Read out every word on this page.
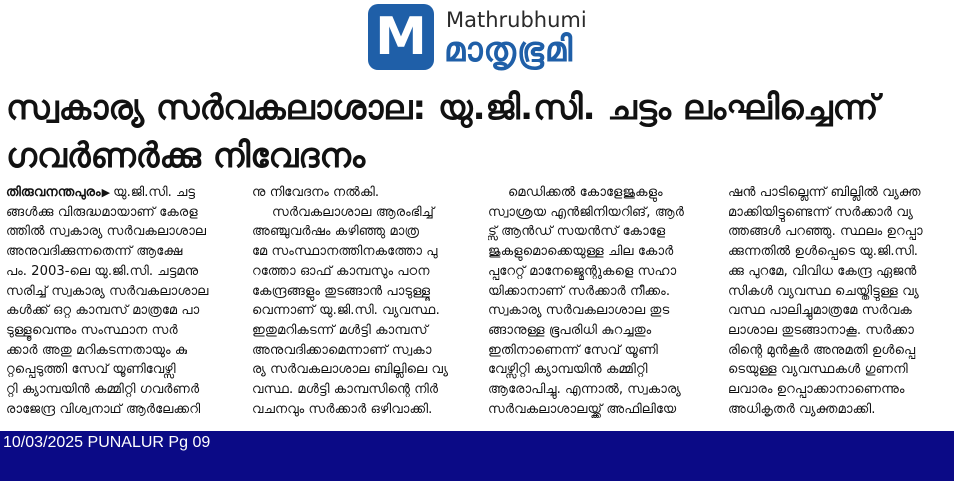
M Mathrubhumi
മാതൃഭൂമി
സ്വകാര്യ സർവകലാശാല: യു.ജി.സി. ചട്ടം ലംഘിച്ചെന്ന് ഗവർണർക്കു നിവേദനം
തിരുവനന്തപുരം▶ യു.ജി.സി. ചട്ട
ങ്ങൾക്കു വിരുദ്ധമായാണ് കേരള
ത്തിൽ സ്വകാര്യ സർവകലാശാല
അനുവദിക്കുന്നതെന്ന് ആക്ഷേ
പം. 2003-ലെ യു.ജി.സി. ചട്ടമനു
സരിച്ച് സ്വകാര്യ സർവകലാശാല
കൾക്ക് ഒറ്റ കാമ്പസ് മാത്രമേ പാ
ടുള്ളൂവെന്നും സംസ്ഥാന സർ
ക്കാർ അതു മറികടന്നതായും കു
റ്റപ്പെടുത്തി സേവ് യൂണിവേഴ്സി
റ്റി ക്യാമ്പയിൻ കമ്മിറ്റി ഗവർണർ
രാജേന്ദ്ര വിശ്വനാഥ് ആർലേക്കറി
നു നിവേദനം നൽകി.
സർവകലാശാല ആരംഭിച്ച്
അഞ്ചുവർഷം കഴിഞ്ഞു മാത്ര
മേ സംസ്ഥാനത്തിനകത്തോ പു
റത്തോ ഓഫ് കാമ്പസും പഠന
കേന്ദ്രങ്ങളും തുടങ്ങാൻ പാടുള്ളൂ
വെന്നാണ് യു.ജി.സി. വ്യവസ്ഥ.
ഇതുമറികടന്ന് മൾട്ടി കാമ്പസ്
അനുവദിക്കാമെന്നാണ് സ്വകാ
ര്യ സർവകലാശാല ബില്ലിലെ വ്യ
വസ്ഥ. മൾട്ടി കാമ്പസിന്റെ നിർ
വചനവും സർക്കാർ ഒഴിവാക്കി.
മെഡിക്കൽ കോളേജുകളും
സ്വാശ്രയ എൻജിനിയറിങ്, ആർ
ട്സ് ആൻഡ് സയൻസ് കോളേ
ജുകളുമൊക്കെയുള്ള ചില കോർ
പ്പറേറ്റ് മാനേജ്മെന്റുകളെ സഹാ
യിക്കാനാണ് സർക്കാർ നീക്കം.
സ്വകാര്യ സർവകലാശാല തുട
ങ്ങാനുള്ള ഭൂപരിധി കുറച്ചതും
ഇതിനാണെന്ന് സേവ് യൂണി
വേഴ്സിറ്റി ക്യാമ്പയിൻ കമ്മിറ്റി
ആരോപിച്ചു. എന്നാൽ, സ്വകാര്യ
സർവകലാശാലയ്ക്ക് അഫിലിയേ
ഷൻ പാടില്ലെന്ന് ബില്ലിൽ വ്യക്ത
മാക്കിയിട്ടുണ്ടെന്ന് സർക്കാർ വ്യ
ത്തങ്ങൾ പറഞ്ഞു. സ്ഥലം ഉറപ്പാ
ക്കുന്നതിൽ ഉൾപ്പെടെ യു.ജി.സി.
ക്കു പുറമേ, വിവിധ കേന്ദ്ര ഏജൻ
സികൾ വ്യവസ്ഥ ചെയ്തിട്ടുള്ള വ്യ
വസ്ഥ പാലിച്ചുമാത്രമേ സർവക
ലാശാല തുടങ്ങാനാകൂ. സർക്കാ
രിന്റെ മുൻകൂർ അനുമതി ഉൾപ്പെ
ടെയുള്ള വ്യവസ്ഥകൾ ഗുണനി
ലവാരം ഉറപ്പാക്കാനാണെന്നും
അധികൃതർ വ്യക്തമാക്കി.
10/03/2025 PUNALUR Pg 09
